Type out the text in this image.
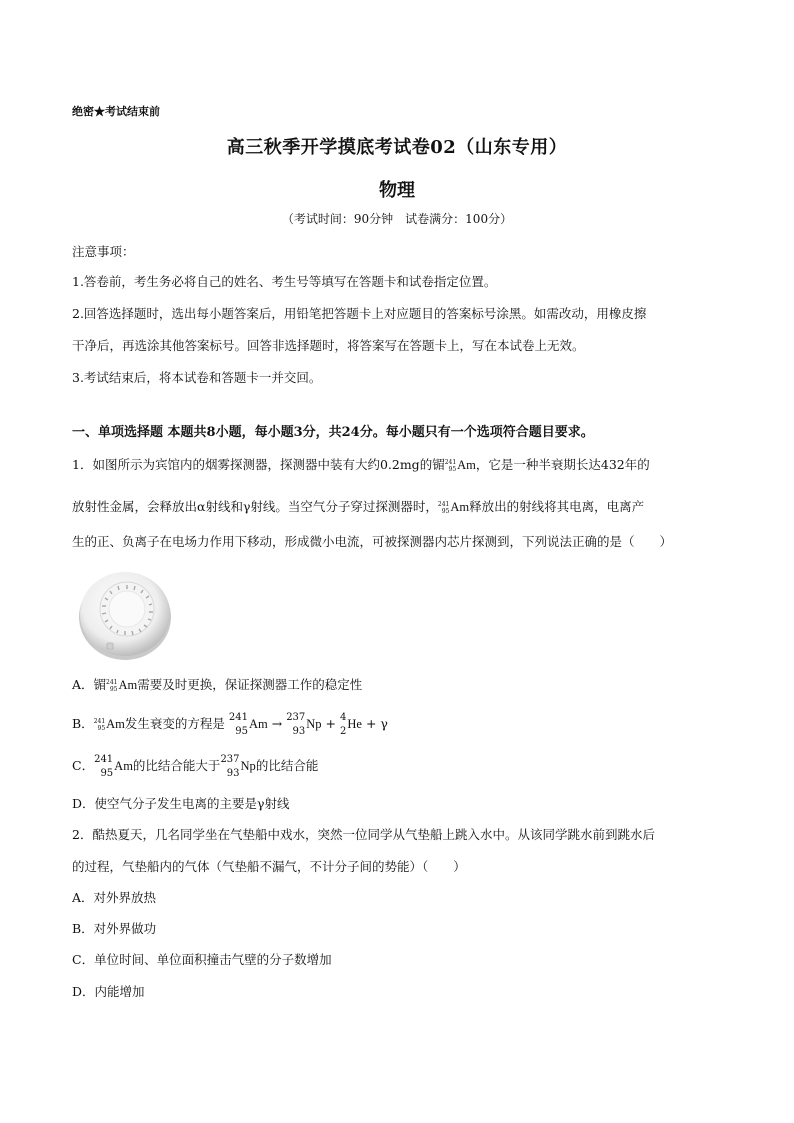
绝密★考试结束前
高三秋季开学摸底考试卷02（山东专用）
物理
（考试时间：90分钟　试卷满分：100分）
注意事项：
1.答卷前，考生务必将自己的姓名、考生号等填写在答题卡和试卷指定位置。
2.回答选择题时，选出每小题答案后，用铅笔把答题卡上对应题目的答案标号涂黑。如需改动，用橡皮擦
干净后，再选涂其他答案标号。回答非选择题时，将答案写在答题卡上，写在本试卷上无效。
3.考试结束后，将本试卷和答题卡一并交回。
一、单项选择题 本题共8小题，每小题3分，共24分。每小题只有一个选项符合题目要求。
1．如图所示为宾馆内的烟雾探测器，探测器中装有大约0.2mg的镅 241
95 Am，它是一种半衰期长达432年的
放射性金属，会释放出α射线和γ射线。当空气分子穿过探测器时， 241
95 Am释放出的射线将其电离，电离产
生的正、负离子在电场力作用下移动，形成微小电流，可被探测器内芯片探测到，下列说法正确的是（　　）
A．镅 241
95 Am需要及时更换，保证探测器工作的稳定性
B． 241
95 Am发生衰变的方程是 241
95 Am → 237
93 Np + 4
2 He + γ
C． 241
95 Am的比结合能大于 237
93 Np的比结合能
D．使空气分子发生电离的主要是γ射线
2．酷热夏天，几名同学坐在气垫船中戏水，突然一位同学从气垫船上跳入水中。从该同学跳水前到跳水后
的过程，气垫船内的气体（气垫船不漏气，不计分子间的势能）（　　）
A．对外界放热
B．对外界做功
C．单位时间、单位面积撞击气壁的分子数增加
D．内能增加
